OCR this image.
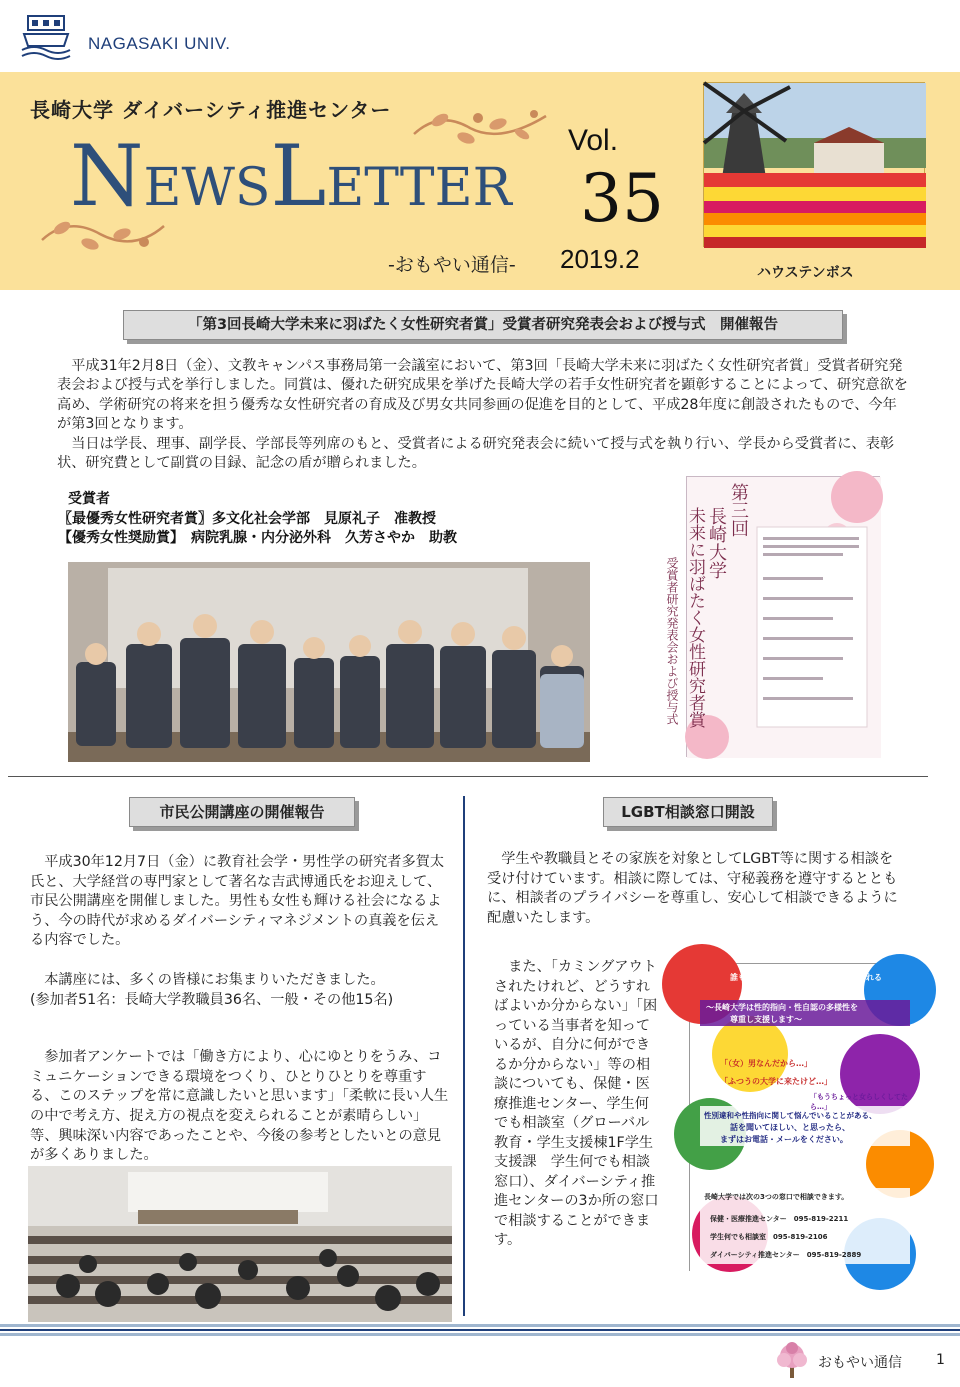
NAGASAKI UNIV.
長崎大学 ダイバーシティ推進センター
NEWSLETTER
-おもやい通信-
Vol.
35
2019.2	ハウステンボス
「第3回長崎大学未来に羽ばたく女性研究者賞」受賞者研究発表会および授与式　開催報告

平成31年2月8日（金）、文教キャンパス事務局第一会議室において、第3回「長崎大学未来に羽ばたく女性研究者賞」受賞者研究発表会および授与式を挙行しました。同賞は、優れた研究成果を挙げた長崎大学の若手女性研究者を顕彰することによって、研究意欲を高め、学術研究の将来を担う優秀な女性研究者の育成及び男女共同参画の促進を目的として、平成28年度に創設されたもので、今年が第3回となります。

当日は学長、理事、副学長、学部長等列席のもと、受賞者による研究発表会に続いて授与式を執り行い、学長から受賞者に、表彰状、研究費として副賞の目録、記念の盾が贈られました。

受賞者
〖最優秀女性研究者賞〗多文化社会学部　見原礼子　准教授
【優秀女性奨励賞】　病院乳腺・内分泌外科　久芳さやか　助教
第三回
長崎大学
未来に羽ばたく女性研究者賞
受賞者研究発表会および授与式
市民公開講座の開催報告

平成30年12月7日（金）に教育社会学・男性学の研究者多賀太氏と、大学経営の専門家として著名な吉武博通氏をお迎えして、市民公開講座を開催しました。男性も女性も輝ける社会になるよう、今の時代が求めるダイバーシティマネジメントの真義を伝える内容でした。

本講座には、多くの皆様にお集まりいただきました。

(参加者51名：長崎大学教職員36名、一般・その他15名)

参加者アンケートでは「働き方により、心にゆとりをうみ、コミュニケーションできる環境をつくり、ひとりひとりを尊重する、このステップを常に意識したいと思います」「柔軟に長い人生の中で考え方、捉え方の視点を変えられることが素晴らしい」等、興味深い内容であったことや、今後の参考としたいとの意見が多くありました。

LGBT相談窓口開設

学生や教職員とその家族を対象としてLGBT等に関する相談を受け付けています。相談に際しては、守秘義務を遵守するとともに、相談者のプライバシーを尊重し、安心して相談できるように配慮いたします。

また、「カミングアウトされたけれど、どうすればよいか分からない」「困っている当事者を知っているが、自分に何ができるか分からない」等の相談についても、保健・医療推進センター、学生何でも相談室（グローバル教育・学生支援棟1F学生支援課　学生何でも相談窓口）、ダイバーシティ推進センターの3か所の窓口で相談することができます。

誰もがありのままに自分らしく生きられる
～長崎大学は性的指向・性自認の多様性を
尊重し支援します～
「（女）男なんだから…」
「ふつうの大学に来たけど…」
「もうちょっと女らしくしてたら…」
性別違和や性指向に関して悩んでいることがある、
話を聞いてほしい、と思ったら、
まずはお電話・メールをください。
長崎大学では次の3つの窓口で相談できます。
保健・医療推進センター　 095-819-2211
学生何でも相談室　 095-819-2106
ダイバーシティ推進センター　 095-819-2889
おもやい通信 1
